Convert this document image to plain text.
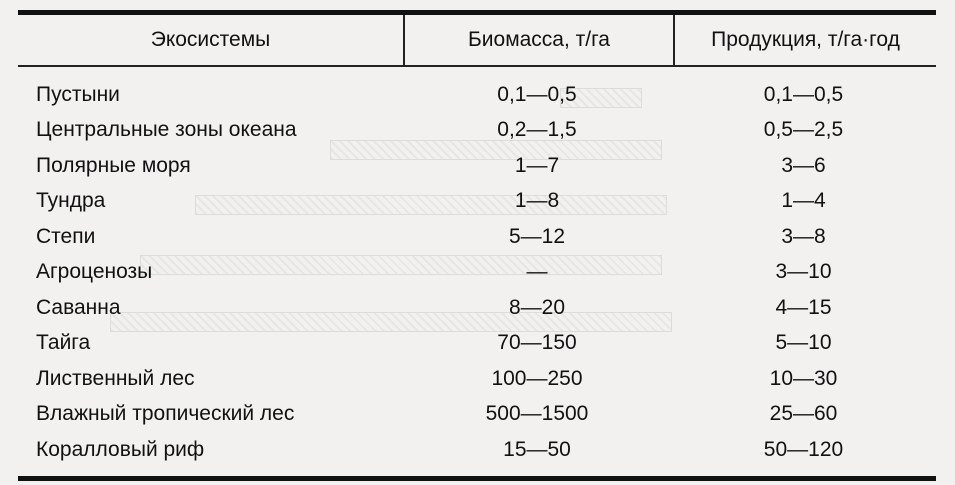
Экосистемы	Биомасса, т/га	Продукция, т/га·год
Пустыни	0,1—0,5	0,1—0,5
Центральные зоны океана	0,2—1,5	0,5—2,5
Полярные моря	1—7	3—6
Тундра	1—8	1—4
Степи	5—12	3—8
Агроценозы	—	3—10
Саванна	8—20	4—15
Тайга	70—150	5—10
Лиственный лес	100—250	10—30
Влажный тропический лес	500—1500	25—60
Коралловый риф	15—50	50—120
